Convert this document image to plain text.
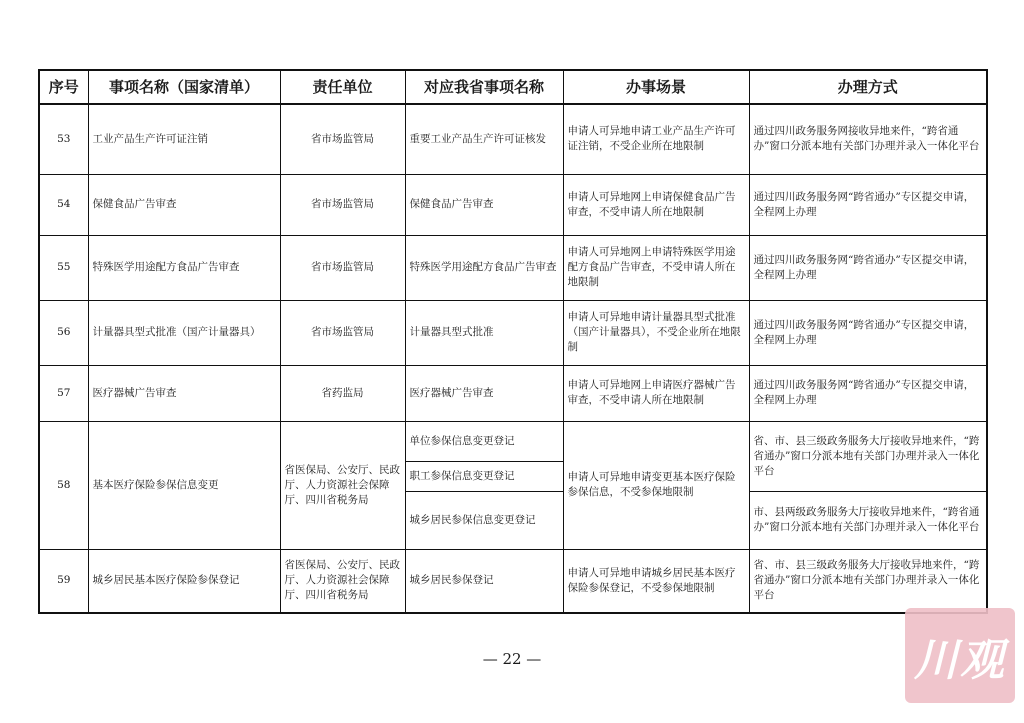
序号	事项名称（国家清单）	责任单位	对应我省事项名称	办事场景	办理方式
53	工业产品生产许可证注销	省市场监管局	重要工业产品生产许可证核发	申请人可异地申请工业产品生产许可证注销，不受企业所在地限制	通过四川政务服务网接收异地来件，“跨省通办”窗口分派本地有关部门办理并录入一体化平台
54	保健食品广告审查	省市场监管局	保健食品广告审查	申请人可异地网上申请保健食品广告审查，不受申请人所在地限制	通过四川政务服务网“跨省通办”专区提交申请，全程网上办理
55	特殊医学用途配方食品广告审查	省市场监管局	特殊医学用途配方食品广告审查	申请人可异地网上申请特殊医学用途配方食品广告审查，不受申请人所在地限制	通过四川政务服务网“跨省通办”专区提交申请，全程网上办理
56	计量器具型式批准（国产计量器具）	省市场监管局	计量器具型式批准	申请人可异地申请计量器具型式批准（国产计量器具），不受企业所在地限制	通过四川政务服务网“跨省通办”专区提交申请，全程网上办理
57	医疗器械广告审查	省药监局	医疗器械广告审查	申请人可异地网上申请医疗器械广告审查，不受申请人所在地限制	通过四川政务服务网“跨省通办”专区提交申请，全程网上办理
58	基本医疗保险参保信息变更	省医保局、公安厅、民政厅、人力资源社会保障厅、四川省税务局	单位参保信息变更登记	申请人可异地申请变更基本医疗保险参保信息，不受参保地限制	省、市、县三级政务服务大厅接收异地来件，“跨省通办”窗口分派本地有关部门办理并录入一体化平台
			职工参保信息变更登记		
			城乡居民参保信息变更登记		市、县两级政务服务大厅接收异地来件，“跨省通办”窗口分派本地有关部门办理并录入一体化平台
59	城乡居民基本医疗保险参保登记	省医保局、公安厅、民政厅、人力资源社会保障厅、四川省税务局	城乡居民参保登记	申请人可异地申请城乡居民基本医疗保险参保登记，不受参保地限制	省、市、县三级政务服务大厅接收异地来件，“跨省通办”窗口分派本地有关部门办理并录入一体化平台
— 22 —	川观
